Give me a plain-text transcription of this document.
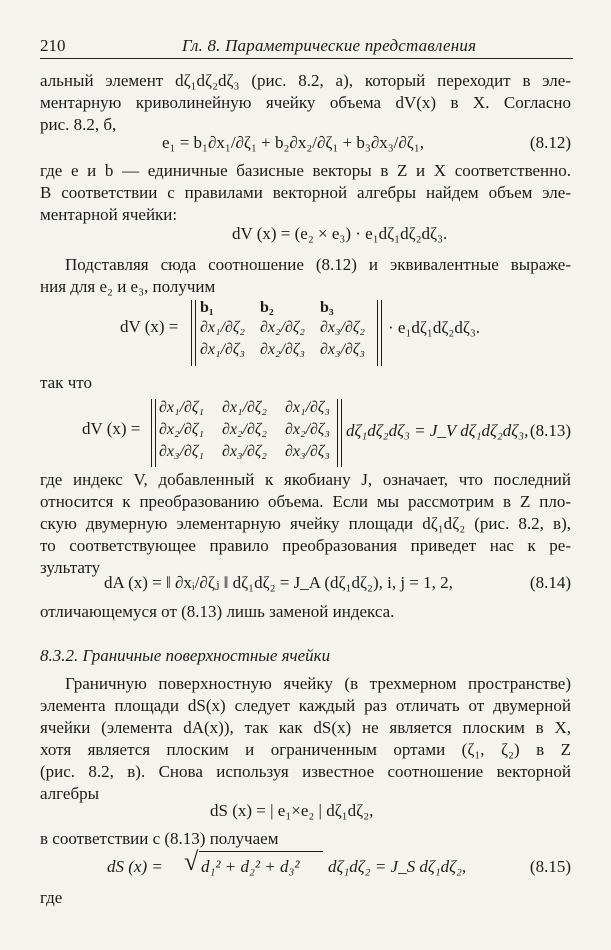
210	Гл. 8. Параметрические представления
альный элемент dζ₁dζ₂dζ₃ (рис. 8.2, а), который переходит в эле-
ментарную криволинейную ячейку объема dV(x) в X. Согласно
рис. 8.2, б,
e₁ = b₁∂x₁/∂ζ₁ + b₂∂x₂/∂ζ₁ + b₃∂x₃/∂ζ₁,	(8.12)
где e и b — единичные базисные векторы в Z и X соответственно.
В соответствии с правилами векторной алгебры найдем объем эле-
ментарной ячейки:
dV (x) = (e₂ × e₃) · e₁dζ₁dζ₂dζ₃.
Подставляя сюда соотношение (8.12) и эквивалентные выраже-
ния для e₂ и e₃, получим
dV (x) =
b₁	b₂	b₃
∂x₁/∂ζ₂ ∂x₂/∂ζ₂ ∂x₃/∂ζ₂
∂x₁/∂ζ₃ ∂x₂/∂ζ₃ ∂x₃/∂ζ₃
· e₁dζ₁dζ₂dζ₃.
так что
dV (x) =
∂x₁/∂ζ₁ ∂x₁/∂ζ₂ ∂x₁/∂ζ₃
∂x₂/∂ζ₁ ∂x₂/∂ζ₂ ∂x₂/∂ζ₃
∂x₃/∂ζ₁ ∂x₃/∂ζ₂ ∂x₃/∂ζ₃
dζ₁dζ₂dζ₃ = J_V dζ₁dζ₂dζ₃, (8.13)
где индекс V, добавленный к якобиану J, означает, что последний
относится к преобразованию объема. Если мы рассмотрим в Z пло-
скую двумерную элементарную ячейку площади dζ₁dζ₂ (рис. 8.2, в),
то соответствующее правило преобразования приведет нас к ре-
зультату
dA (x) = ‖ ∂xᵢ/∂ζⱼ ‖ dζ₁dζ₂ = J_A (dζ₁dζ₂), i, j = 1, 2,	(8.14)
отличающемуся от (8.13) лишь заменой индекса.
8.3.2. Граничные поверхностные ячейки
Граничную поверхностную ячейку (в трехмерном пространстве)
элемента площади dS(x) следует каждый раз отличать от двумерной
ячейки (элемента dA(x)), так как dS(x) не является плоским в X,
хотя является плоским и ограниченным ортами (ζ₁, ζ₂) в Z
(рис. 8.2, в). Снова используя известное соотношение векторной
алгебры
dS (x) = | e₁×e₂ | dζ₁dζ₂,
в соответствии с (8.13) получаем
dS (x) = √ d₁² + d₂² + d₃² dζ₁dζ₂ = J_S dζ₁dζ₂,	(8.15)
где
